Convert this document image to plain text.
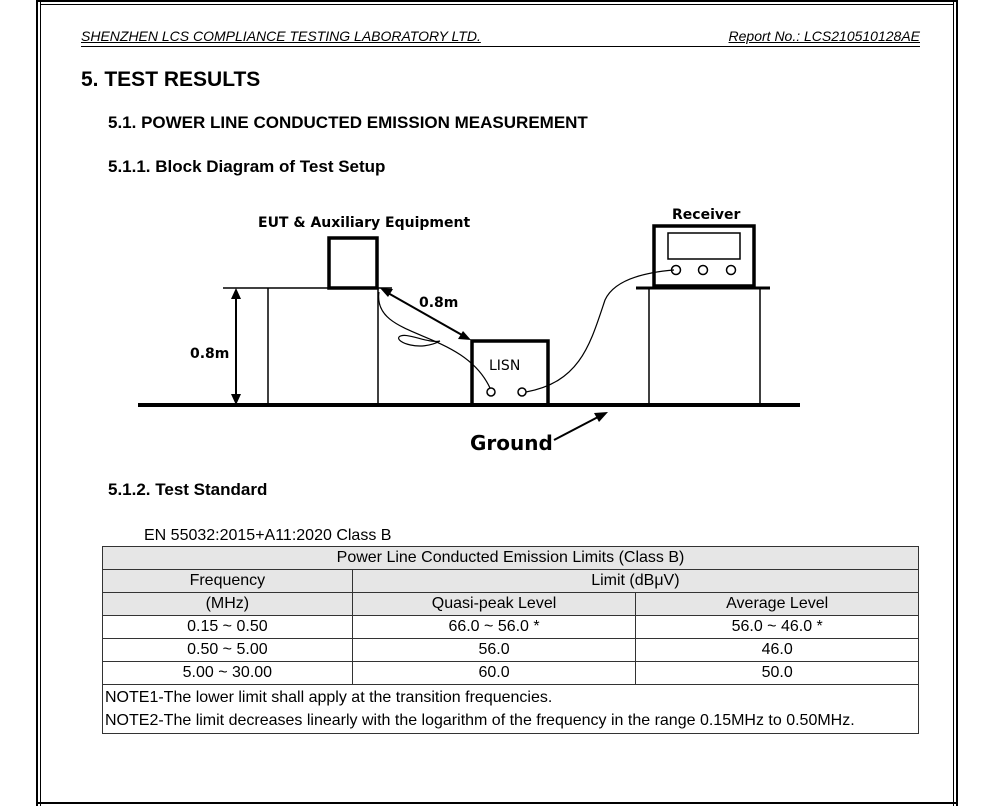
SHENZHEN LCS COMPLIANCE TESTING LABORATORY LTD.	Report No.: LCS210510128AE
5. TEST RESULTS
5.1. POWER LINE CONDUCTED EMISSION MEASUREMENT
5.1.1. Block Diagram of Test Setup
EUT & Auxiliary Equipment	Receiver
0.8m
0.8m
LISN
Ground
5.1.2. Test Standard
EN 55032:2015+A11:2020 Class B
Power Line Conducted Emission Limits (Class B)		
Frequency	Limit (dBμV)	
(MHz)	Quasi-peak Level	Average Level
0.15 ~ 0.50	66.0 ~ 56.0 *	56.0 ~ 46.0 *
0.50 ~ 5.00	56.0	46.0
5.00 ~ 30.00	60.0	50.0

NOTE1-The lower limit shall apply at the transition frequencies.
NOTE2-The limit decreases linearly with the logarithm of the frequency in the range 0.15MHz to 0.50MHz.		
